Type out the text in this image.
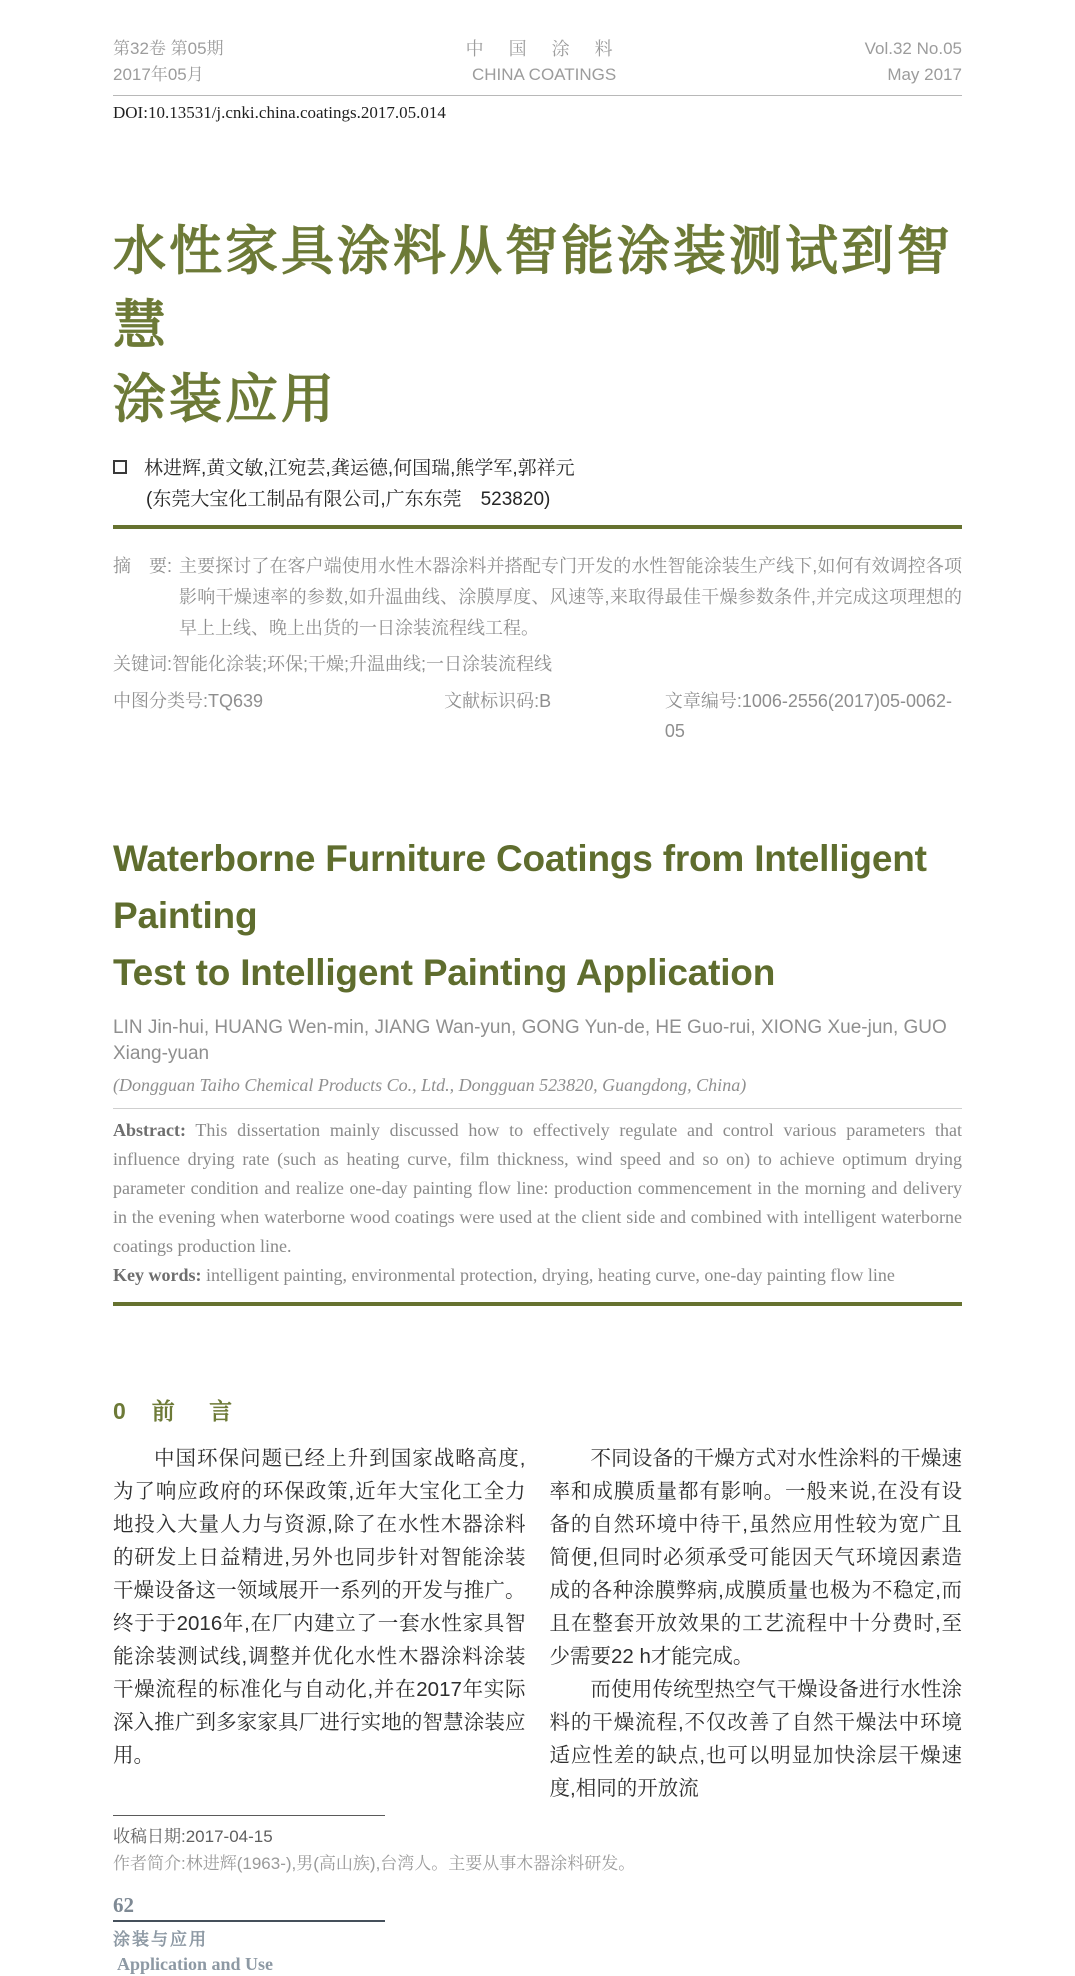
第32卷 第05期
2017年05月
中 国 涂 料
CHINA COATINGS
Vol.32 No.05
May 2017
DOI:10.13531/j.cnki.china.coatings.2017.05.014
水性家具涂料从智能涂装测试到智慧
涂装应用
林进辉,黄文敏,江宛芸,龚运德,何国瑞,熊学军,郭祥元
(东莞大宝化工制品有限公司,广东东莞　523820)
摘　要: 主要探讨了在客户端使用水性木器涂料并搭配专门开发的水性智能涂装生产线下,如何有效调控各项影响干燥速率的参数,如升温曲线、涂膜厚度、风速等,来取得最佳干燥参数条件,并完成这项理想的早上上线、晚上出货的一日涂装流程线工程。
关键词:智能化涂装;环保;干燥;升温曲线;一日涂装流程线
中图分类号:TQ639	文献标识码:B	文章编号:1006-2556(2017)05-0062-05
Waterborne Furniture Coatings from Intelligent Painting
Test to Intelligent Painting Application
LIN Jin-hui, HUANG Wen-min, JIANG Wan-yun, GONG Yun-de, HE Guo-rui, XIONG Xue-jun, GUO Xiang-yuan
(Dongguan Taiho Chemical Products Co., Ltd., Dongguan 523820, Guangdong, China)

Abstract: This dissertation mainly discussed how to effectively regulate and control various parameters that influence drying rate (such as heating curve, film thickness, wind speed and so on) to achieve optimum drying parameter condition and realize one-day painting flow line: production commencement in the morning and delivery in the evening when waterborne wood coatings were used at the client side and combined with intelligent waterborne coatings production line.

Key words: intelligent painting, environmental protection, drying, heating curve, one-day painting flow line

0 前 言

中国环保问题已经上升到国家战略高度,为了响应政府的环保政策,近年大宝化工全力地投入大量人力与资源,除了在水性木器涂料的研发上日益精进,另外也同步针对智能涂装干燥设备这一领域展开一系列的开发与推广。终于于2016年,在厂内建立了一套水性家具智能涂装测试线,调整并优化水性木器涂料涂装干燥流程的标准化与自动化,并在2017年实际深入推广到多家家具厂进行实地的智慧涂装应用。

不同设备的干燥方式对水性涂料的干燥速率和成膜质量都有影响。一般来说,在没有设备的自然环境中待干,虽然应用性较为宽广且简便,但同时必须承受可能因天气环境因素造成的各种涂膜弊病,成膜质量也极为不稳定,而且在整套开放效果的工艺流程中十分费时,至少需要22 h才能完成。

而使用传统型热空气干燥设备进行水性涂料的干燥流程,不仅改善了自然干燥法中环境适应性差的缺点,也可以明显加快涂层干燥速度,相同的开放流

收稿日期:2017-04-15
作者简介:林进辉(1963-),男(高山族),台湾人。主要从事木器涂料研发。
62
涂装与应用
Application and Use
